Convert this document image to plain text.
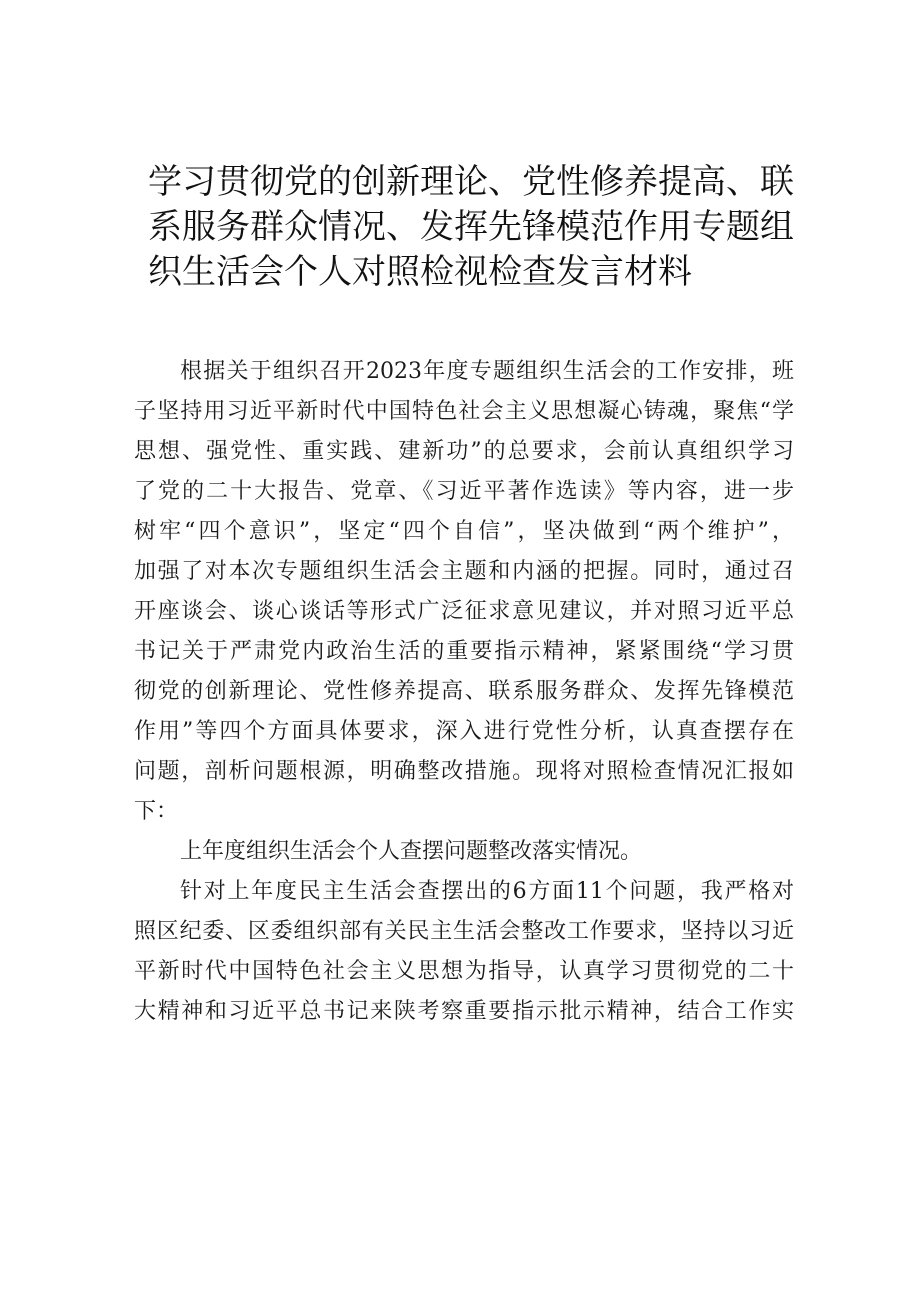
学习贯彻党的创新理论、党性修养提高、联
系服务群众情况、发挥先锋模范作用专题组
织生活会个人对照检视检查发言材料
根据关于组织召开2023年度专题组织生活会的工作安排，班
子坚持用习近平新时代中国特色社会主义思想凝心铸魂，聚焦“学
思想、强党性、重实践、建新功”的总要求，会前认真组织学习
了党的二十大报告、党章、《习近平著作选读》等内容，进一步
树牢“四个意识”，坚定“四个自信”，坚决做到“两个维护”，
加强了对本次专题组织生活会主题和内涵的把握。同时，通过召
开座谈会、谈心谈话等形式广泛征求意见建议，并对照习近平总
书记关于严肃党内政治生活的重要指示精神，紧紧围绕“学习贯
彻党的创新理论、党性修养提高、联系服务群众、发挥先锋模范
作用”等四个方面具体要求，深入进行党性分析，认真查摆存在
问题，剖析问题根源，明确整改措施。现将对照检查情况汇报如
下：
上年度组织生活会个人查摆问题整改落实情况。
针对上年度民主生活会查摆出的6方面11个问题，我严格对
照区纪委、区委组织部有关民主生活会整改工作要求，坚持以习近
平新时代中国特色社会主义思想为指导，认真学习贯彻党的二十
大精神和习近平总书记来陕考察重要指示批示精神，结合工作实
